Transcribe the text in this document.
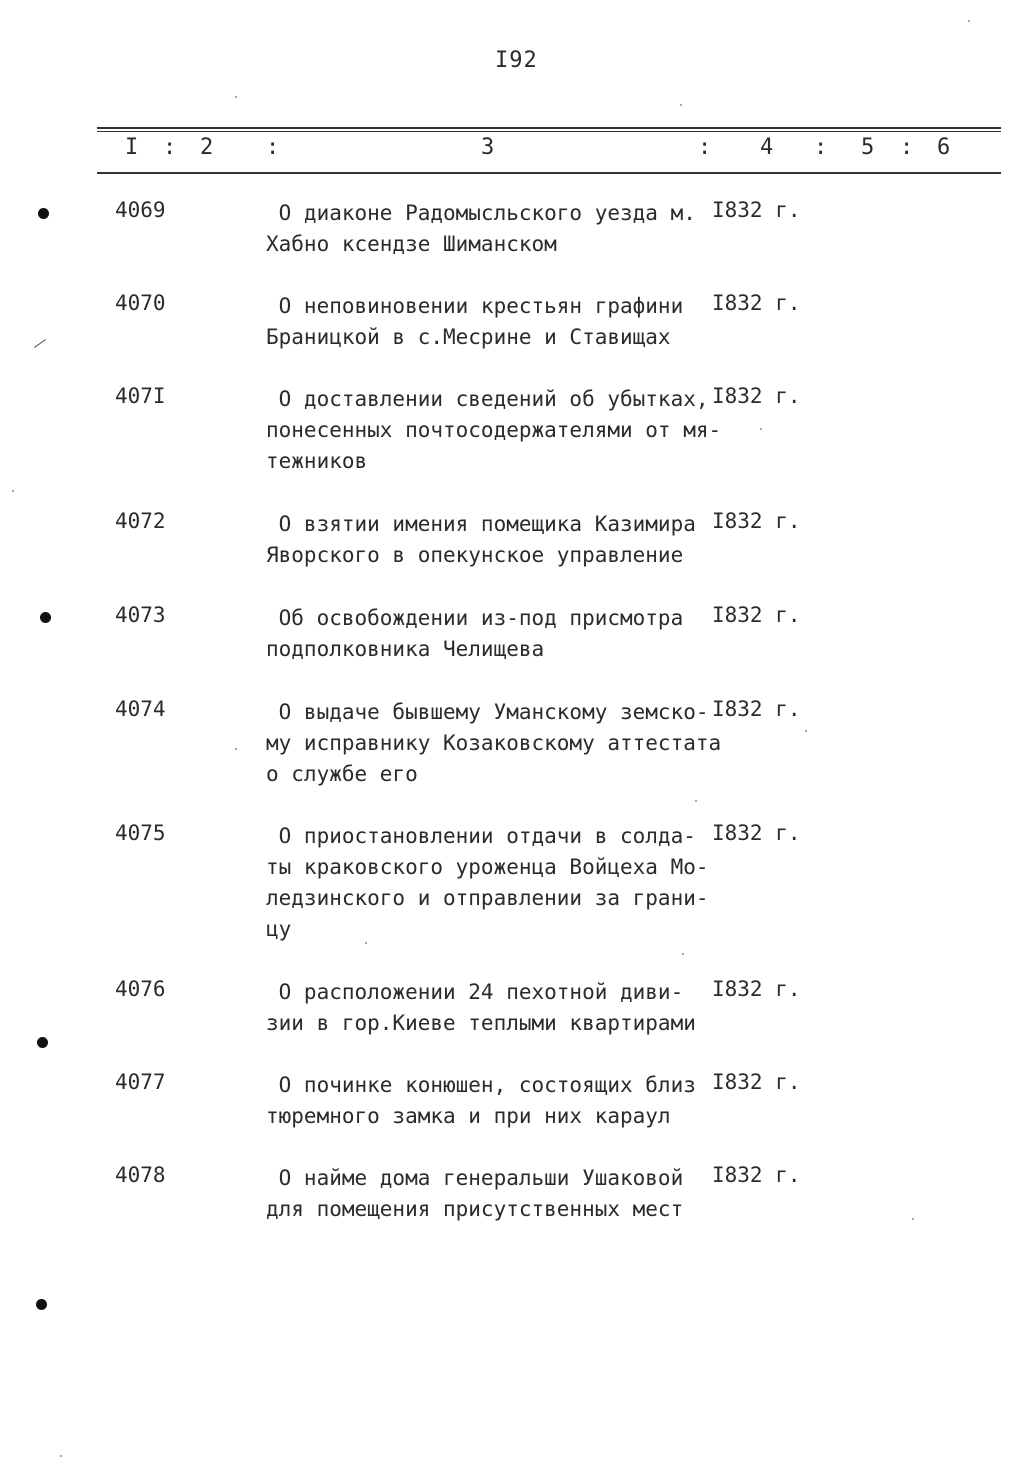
I92
I : 2 :	3	: 4 : 5 : 6
4069	О диаконе Радомысльского уезда м.
Хабно ксендзе Шиманском
I832 г.
4070	О неповиновении крестьян графини
Браницкой в с.Месрине и Ставищах
I832 г.
407I	О доставлении сведений об убытках,
понесенных почтосодержателями от мя-
тежников
I832 г.
4072	О взятии имения помещика Казимира
Яворского в опекунское управление
I832 г.
4073	Об освобождении из-под присмотра
подполковника Челищева
I832 г.
4074	О выдаче бывшему Уманскому земско-
му исправнику Козаковскому аттестата
о службе его
I832 г.
4075	О приостановлении отдачи в солда-
ты краковского уроженца Войцеха Мо-
ледзинского и отправлении за грани-
цу
I832 г.
4076	О расположении 24 пехотной диви-
зии в гор.Киеве теплыми квартирами
I832 г.
4077	О починке конюшен, состоящих близ
тюремного замка и при них караул
I832 г.
4078	О найме дома генеральши Ушаковой
для помещения присутственных мест
I832 г.
